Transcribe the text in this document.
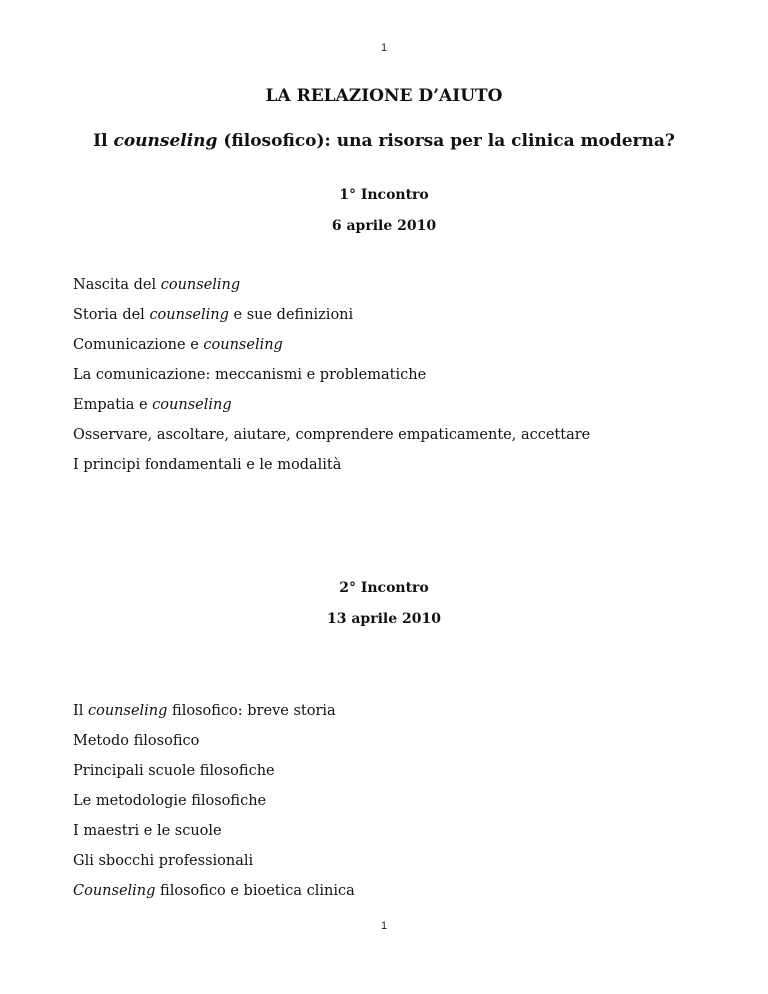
1
LA RELAZIONE D’AIUTO
Il counseling (filosofico): una risorsa per la clinica moderna?
1° Incontro
6 aprile 2010
Nascita del counseling
Storia del counseling e sue definizioni
Comunicazione e counseling
La comunicazione: meccanismi e problematiche
Empatia e counseling
Osservare, ascoltare, aiutare, comprendere empaticamente, accettare
I principi fondamentali e le modalità
2° Incontro
13 aprile 2010
Il counseling filosofico: breve storia
Metodo filosofico
Principali scuole filosofiche
Le metodologie filosofiche
I maestri e le scuole
Gli sbocchi professionali
Counseling filosofico e bioetica clinica
1
